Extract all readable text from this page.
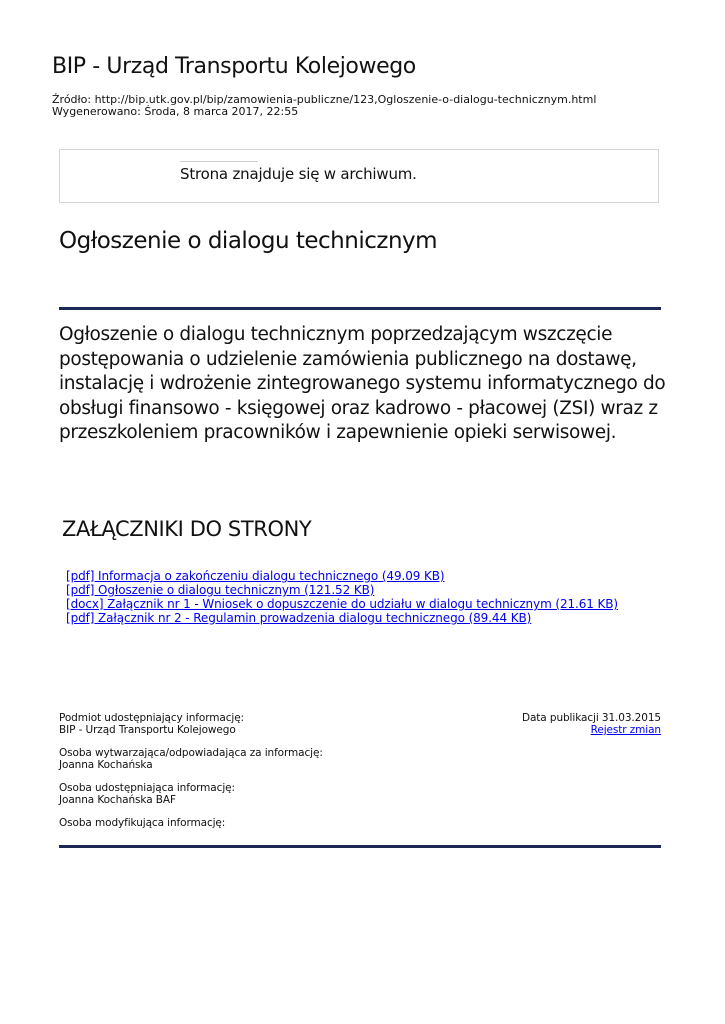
BIP - Urząd Transportu Kolejowego
Źródło: http://bip.utk.gov.pl/bip/zamowienia-publiczne/123,Ogloszenie-o-dialogu-technicznym.html
Wygenerowano: Środa, 8 marca 2017, 22:55
Strona znajduje się w archiwum.
Ogłoszenie o dialogu technicznym
Ogłoszenie o dialogu technicznym poprzedzającym wszczęcie postępowania o udzielenie zamówienia publicznego na dostawę, instalację i wdrożenie zintegrowanego systemu informatycznego do obsługi finansowo - księgowej oraz kadrowo - płacowej (ZSI) wraz z przeszkoleniem pracowników i zapewnienie opieki serwisowej.
ZAŁĄCZNIKI DO STRONY
[pdf] Informacja o zakończeniu dialogu technicznego (49.09 KB)
[pdf] Ogłoszenie o dialogu technicznym (121.52 KB)
[docx] Załącznik nr 1 - Wniosek o dopuszczenie do udziału w dialogu technicznym (21.61 KB)
[pdf] Załącznik nr 2 - Regulamin prowadzenia dialogu technicznego (89.44 KB)
Podmiot udostępniający informację:
BIP - Urząd Transportu Kolejowego
Osoba wytwarzająca/odpowiadająca za informację:
Joanna Kochańska
Osoba udostępniająca informację:
Joanna Kochańska BAF
Osoba modyfikująca informację:
Data publikacji 31.03.2015
Rejestr zmian
